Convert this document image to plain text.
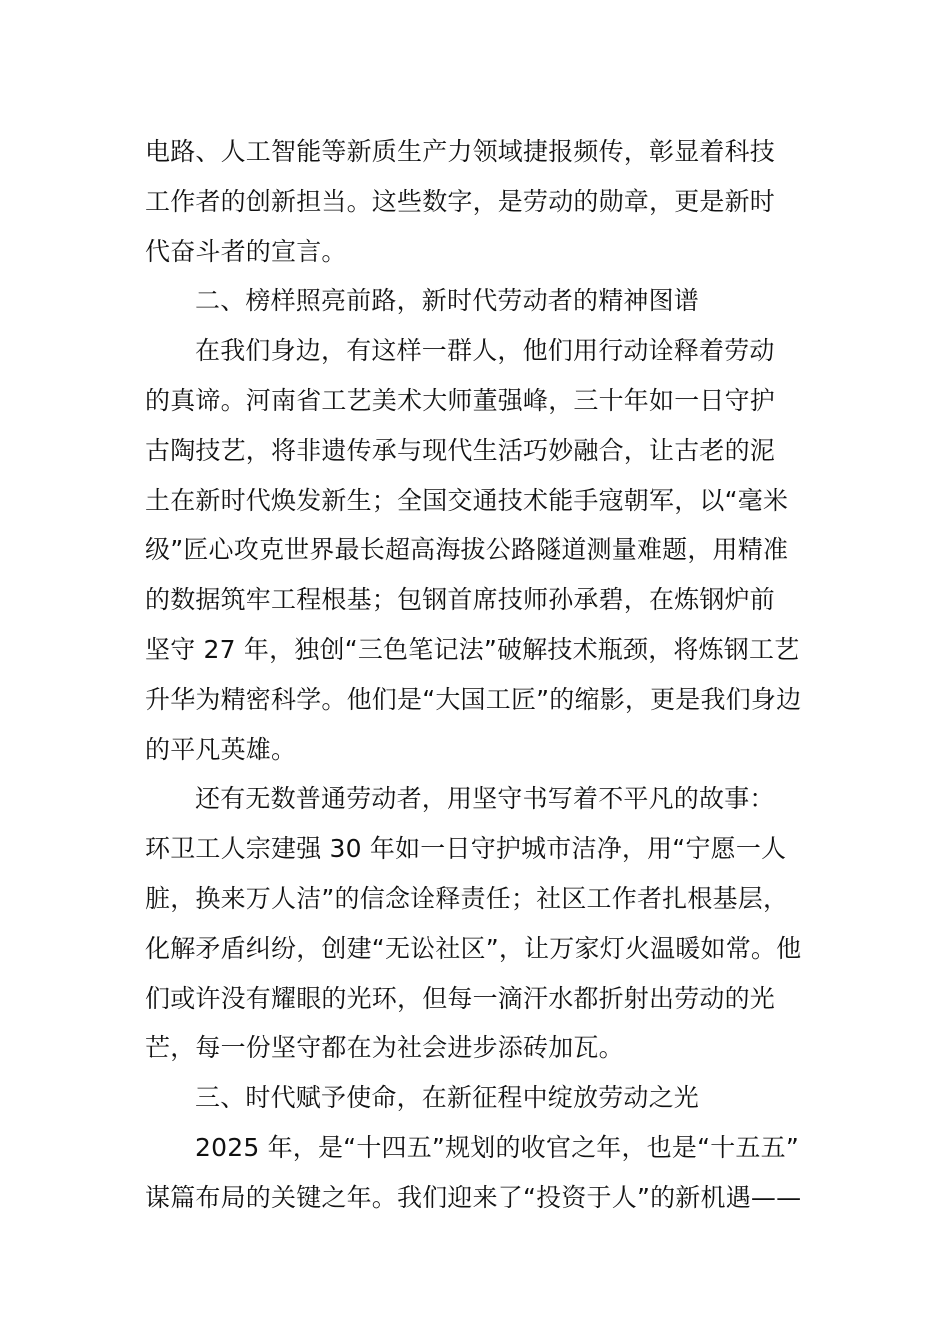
电路、人工智能等新质生产力领域捷报频传，彰显着科技
工作者的创新担当。这些数字，是劳动的勋章，更是新时
代奋斗者的宣言。
二、榜样照亮前路，新时代劳动者的精神图谱
在我们身边，有这样一群人，他们用行动诠释着劳动
的真谛。河南省工艺美术大师董强峰，三十年如一日守护
古陶技艺，将非遗传承与现代生活巧妙融合，让古老的泥
土在新时代焕发新生；全国交通技术能手寇朝军，以“毫米
级”匠心攻克世界最长超高海拔公路隧道测量难题，用精准
的数据筑牢工程根基；包钢首席技师孙承碧，在炼钢炉前
坚守 27 年，独创“三色笔记法”破解技术瓶颈，将炼钢工艺
升华为精密科学。他们是“大国工匠”的缩影，更是我们身边
的平凡英雄。
还有无数普通劳动者，用坚守书写着不平凡的故事：
环卫工人宗建强 30 年如一日守护城市洁净，用“宁愿一人
脏，换来万人洁”的信念诠释责任；社区工作者扎根基层，
化解矛盾纠纷，创建“无讼社区”，让万家灯火温暖如常。他
们或许没有耀眼的光环，但每一滴汗水都折射出劳动的光
芒，每一份坚守都在为社会进步添砖加瓦。
三、时代赋予使命，在新征程中绽放劳动之光
2025 年，是“十四五”规划的收官之年，也是“十五五”
谋篇布局的关键之年。我们迎来了“投资于人”的新机遇——
